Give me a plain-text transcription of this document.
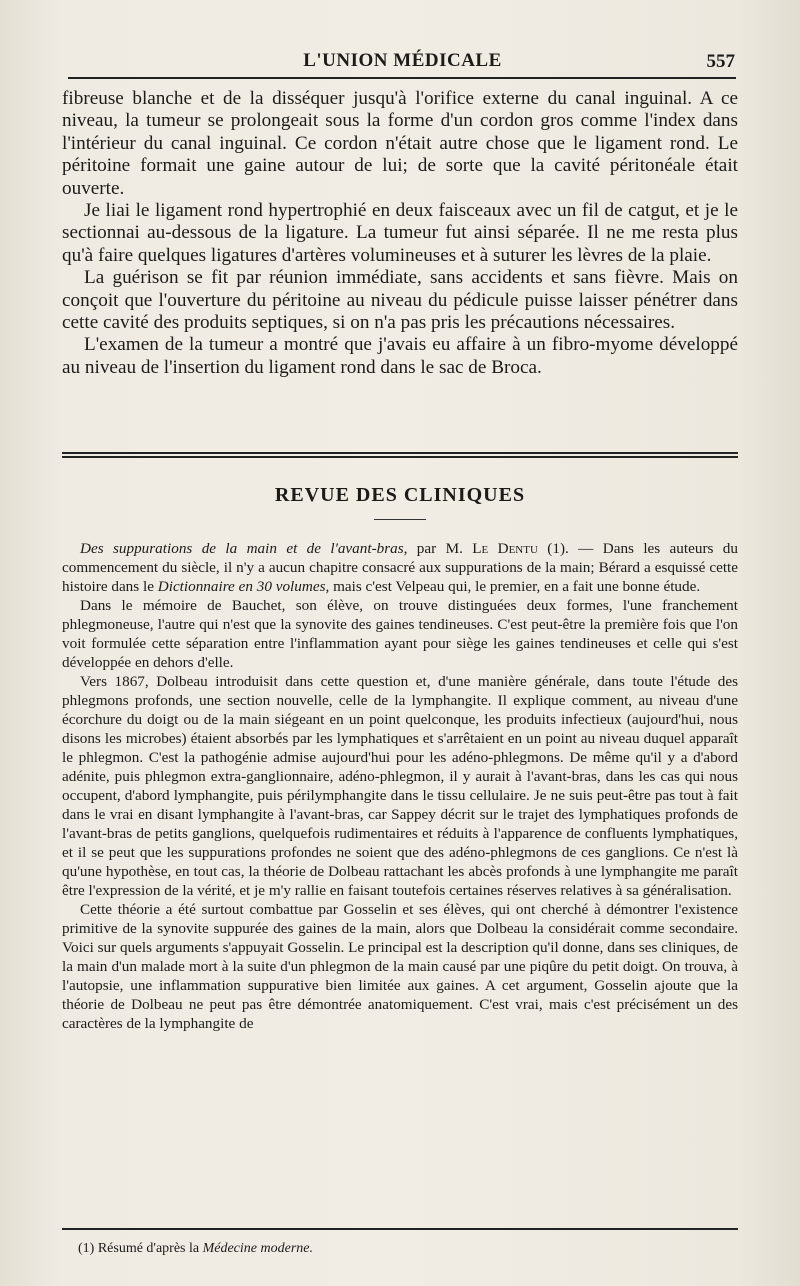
L'UNION MÉDICALE	557

fibreuse blanche et de la disséquer jusqu'à l'orifice externe du canal inguinal. A ce niveau, la tumeur se prolongeait sous la forme d'un cordon gros comme l'index dans l'intérieur du canal inguinal. Ce cordon n'était autre chose que le ligament rond. Le péritoine formait une gaine autour de lui; de sorte que la cavité péritonéale était ouverte.

Je liai le ligament rond hypertrophié en deux faisceaux avec un fil de catgut, et je le sectionnai au-dessous de la ligature. La tumeur fut ainsi séparée. Il ne me resta plus qu'à faire quelques ligatures d'artères volumineuses et à suturer les lèvres de la plaie.

La guérison se fit par réunion immédiate, sans accidents et sans fièvre. Mais on conçoit que l'ouverture du péritoine au niveau du pédicule puisse laisser pénétrer dans cette cavité des produits septiques, si on n'a pas pris les précautions nécessaires.

L'examen de la tumeur a montré que j'avais eu affaire à un fibro-myome développé au niveau de l'insertion du ligament rond dans le sac de Broca.

REVUE DES CLINIQUES

Des suppurations de la main et de l'avant-bras, par M. Le Dentu (1). — Dans les auteurs du commencement du siècle, il n'y a aucun chapitre consacré aux suppurations de la main; Bérard a esquissé cette histoire dans le Dictionnaire en 30 volumes, mais c'est Velpeau qui, le premier, en a fait une bonne étude.

Dans le mémoire de Bauchet, son élève, on trouve distinguées deux formes, l'une franchement phlegmoneuse, l'autre qui n'est que la synovite des gaines tendineuses. C'est peut-être la première fois que l'on voit formulée cette séparation entre l'inflammation ayant pour siège les gaines tendineuses et celle qui s'est développée en dehors d'elle.

Vers 1867, Dolbeau introduisit dans cette question et, d'une manière générale, dans toute l'étude des phlegmons profonds, une section nouvelle, celle de la lymphangite. Il explique comment, au niveau d'une écorchure du doigt ou de la main siégeant en un point quelconque, les produits infectieux (aujourd'hui, nous disons les microbes) étaient absorbés par les lymphatiques et s'arrêtaient en un point au niveau duquel apparaît le phlegmon. C'est la pathogénie admise aujourd'hui pour les adéno-phlegmons. De même qu'il y a d'abord adénite, puis phlegmon extra-ganglionnaire, adéno-phlegmon, il y aurait à l'avant-bras, dans les cas qui nous occupent, d'abord lymphangite, puis périlymphangite dans le tissu cellulaire. Je ne suis peut-être pas tout à fait dans le vrai en disant lymphangite à l'avant-bras, car Sappey décrit sur le trajet des lymphatiques profonds de l'avant-bras de petits ganglions, quelquefois rudimentaires et réduits à l'apparence de confluents lymphatiques, et il se peut que les suppurations profondes ne soient que des adéno-phlegmons de ces ganglions. Ce n'est là qu'une hypothèse, en tout cas, la théorie de Dolbeau rattachant les abcès profonds à une lymphangite me paraît être l'expression de la vérité, et je m'y rallie en faisant toutefois certaines réserves relatives à sa généralisation.

Cette théorie a été surtout combattue par Gosselin et ses élèves, qui ont cherché à démontrer l'existence primitive de la synovite suppurée des gaines de la main, alors que Dolbeau la considérait comme secondaire. Voici sur quels arguments s'appuyait Gosselin. Le principal est la description qu'il donne, dans ses cliniques, de la main d'un malade mort à la suite d'un phlegmon de la main causé par une piqûre du petit doigt. On trouva, à l'autopsie, une inflammation suppurative bien limitée aux gaines. A cet argument, Gosselin ajoute que la théorie de Dolbeau ne peut pas être démontrée anatomiquement. C'est vrai, mais c'est précisément un des caractères de la lymphangite de

(1) Résumé d'après la Médecine moderne.
